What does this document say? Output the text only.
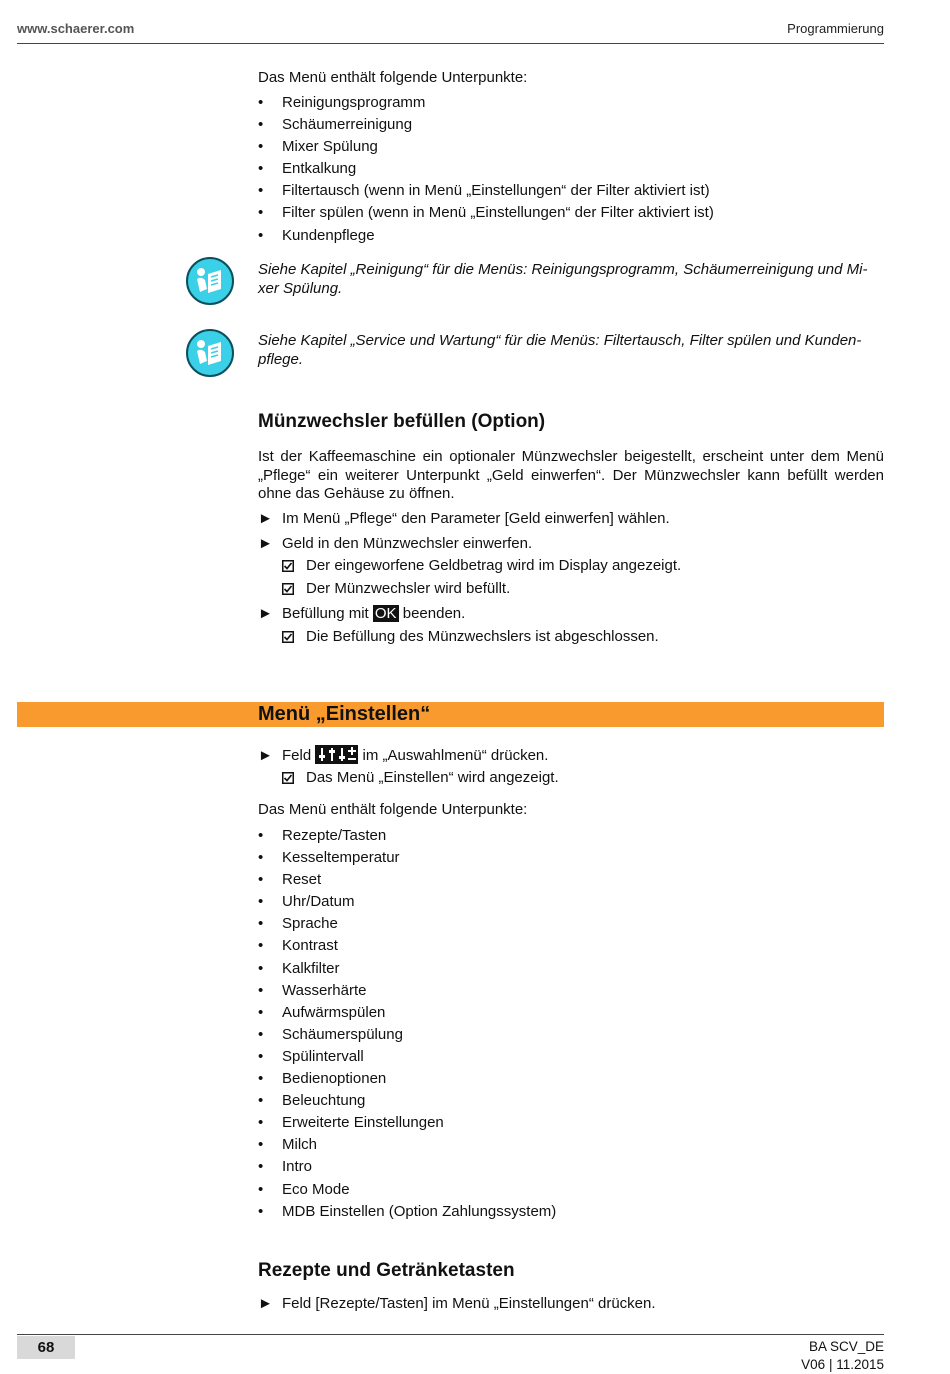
www.schaerer.com	Programmierung
Das Menü enthält folgende Unterpunkte:
• Reinigungsprogramm
• Schäumerreinigung
• Mixer Spülung
• Entkalkung
• Filtertausch (wenn in Menü „Einstellungen“ der Filter aktiviert ist)
• Filter spülen (wenn in Menü „Einstellungen“ der Filter aktiviert ist)
• Kundenpflege
Siehe Kapitel „Reinigung“ für die Menüs: Reinigungsprogramm, Schäumerreinigung und Mi-
xer Spülung.
Siehe Kapitel „Service und Wartung“ für die Menüs: Filtertausch, Filter spülen und Kunden-
pflege.
Münzwechsler befüllen (Option)
Ist der Kaffeemaschine ein optionaler Münzwechsler beigestellt, erscheint unter dem Menü „Pflege“ ein weiterer Unterpunkt „Geld einwerfen“. Der Münzwechsler kann befüllt werden ohne das Gehäuse zu öffnen.
► Im Menü „Pflege“ den Parameter [Geld einwerfen] wählen.
► Geld in den Münzwechsler einwerfen.
Der eingeworfene Geldbetrag wird im Display angezeigt.
Der Münzwechsler wird befüllt.
► Befüllung mit OK beenden.
Die Befüllung des Münzwechslers ist abgeschlossen.
Menü „Einstellen“
► Feld	im „Auswahlmenü“ drücken.
Das Menü „Einstellen“ wird angezeigt.
Das Menü enthält folgende Unterpunkte:
• Rezepte/Tasten
• Kesseltemperatur
• Reset
• Uhr/Datum
• Sprache
• Kontrast
• Kalkfilter
• Wasserhärte
• Aufwärmspülen
• Schäumerspülung
• Spülintervall
• Bedienoptionen
• Beleuchtung
• Erweiterte Einstellungen
• Milch
• Intro
• Eco Mode
• MDB Einstellen (Option Zahlungssystem)
Rezepte und Getränketasten
► Feld [Rezepte/Tasten] im Menü „Einstellungen“ drücken.
68	BA SCV_DE
V06 | 11.2015
